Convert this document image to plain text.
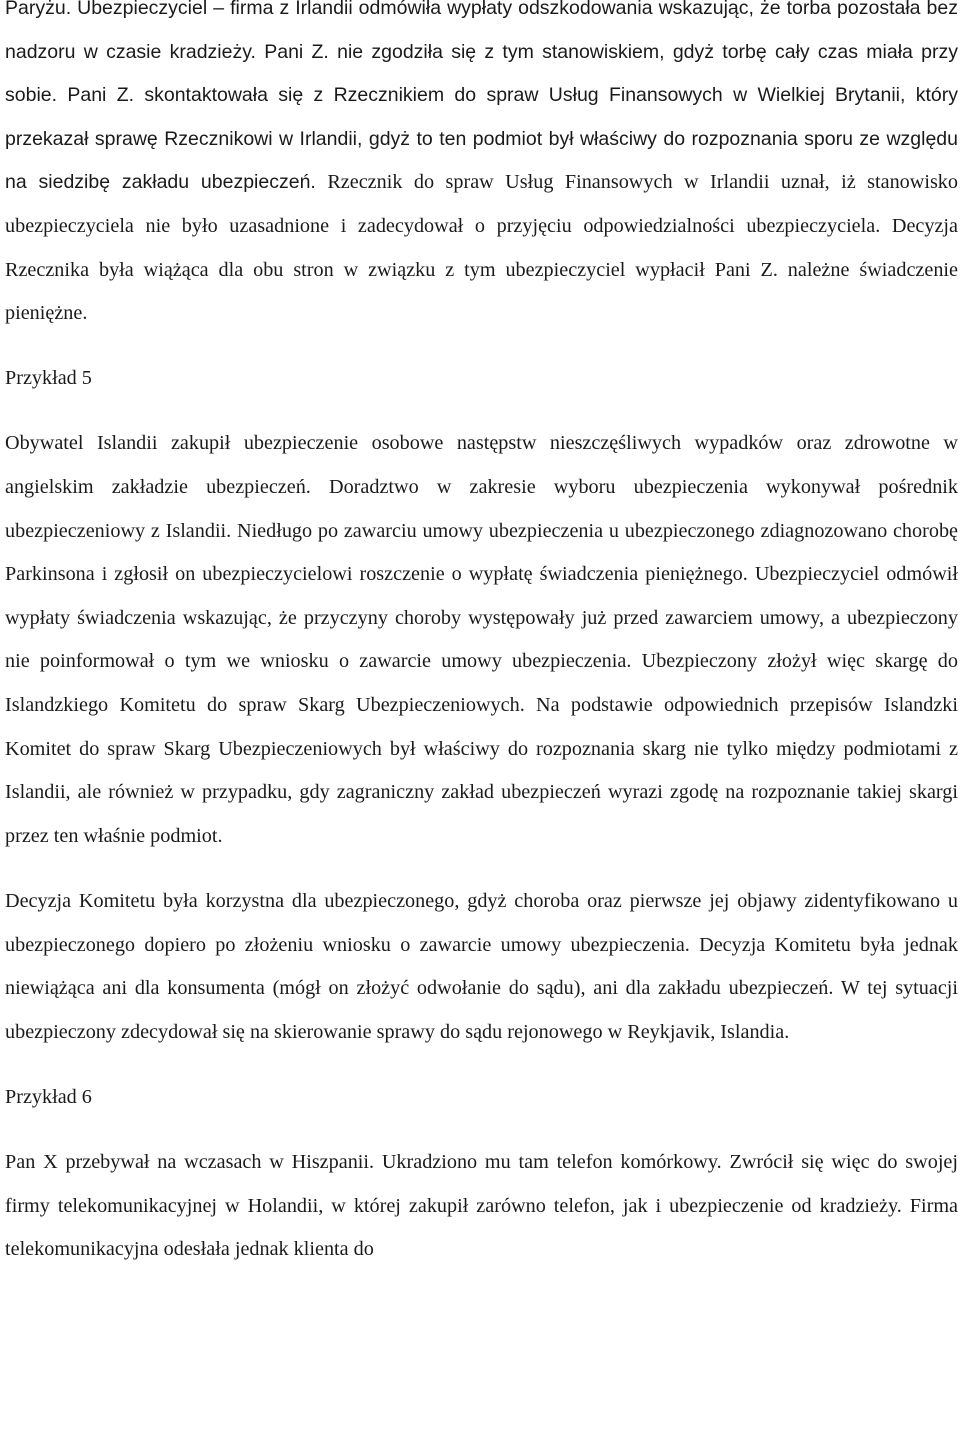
Paryżu. Ubezpieczyciel – firma z Irlandii odmówiła wypłaty odszkodowania wskazując, że torba pozostała bez nadzoru w czasie kradzieży. Pani Z. nie zgodziła się z tym stanowiskiem, gdyż torbę cały czas miała przy sobie. Pani Z. skontaktowała się z Rzecznikiem do spraw Usług Finansowych w Wielkiej Brytanii, który przekazał sprawę Rzecznikowi w Irlandii, gdyż to ten podmiot był właściwy do rozpoznania sporu ze względu na siedzibę zakładu ubezpieczeń. Rzecznik do spraw Usług Finansowych w Irlandii uznał, iż stanowisko ubezpieczyciela nie było uzasadnione i zadecydował o przyjęciu odpowiedzialności ubezpieczyciela. Decyzja Rzecznika była wiążąca dla obu stron w związku z tym ubezpieczyciel wypłacił Pani Z. należne świadczenie pieniężne.

Przykład 5

Obywatel Islandii zakupił ubezpieczenie osobowe następstw nieszczęśliwych wypadków oraz zdrowotne w angielskim zakładzie ubezpieczeń. Doradztwo w zakresie wyboru ubezpieczenia wykonywał pośrednik ubezpieczeniowy z Islandii. Niedługo po zawarciu umowy ubezpieczenia u ubezpieczonego zdiagnozowano chorobę Parkinsona i zgłosił on ubezpieczycielowi roszczenie o wypłatę świadczenia pieniężnego. Ubezpieczyciel odmówił wypłaty świadczenia wskazując, że przyczyny choroby występowały już przed zawarciem umowy, a ubezpieczony nie poinformował o tym we wniosku o zawarcie umowy ubezpieczenia. Ubezpieczony złożył więc skargę do Islandzkiego Komitetu do spraw Skarg Ubezpieczeniowych. Na podstawie odpowiednich przepisów Islandzki Komitet do spraw Skarg Ubezpieczeniowych był właściwy do rozpoznania skarg nie tylko między podmiotami z Islandii, ale również w przypadku, gdy zagraniczny zakład ubezpieczeń wyrazi zgodę na rozpoznanie takiej skargi przez ten właśnie podmiot.

Decyzja Komitetu była korzystna dla ubezpieczonego, gdyż choroba oraz pierwsze jej objawy zidentyfikowano u ubezpieczonego dopiero po złożeniu wniosku o zawarcie umowy ubezpieczenia. Decyzja Komitetu była jednak niewiążąca ani dla konsumenta (mógł on złożyć odwołanie do sądu), ani dla zakładu ubezpieczeń. W tej sytuacji ubezpieczony zdecydował się na skierowanie sprawy do sądu rejonowego w Reykjavik, Islandia.

Przykład 6

Pan X przebywał na wczasach w Hiszpanii. Ukradziono mu tam telefon komórkowy. Zwrócił się więc do swojej firmy telekomunikacyjnej w Holandii, w której zakupił zarówno telefon, jak i ubezpieczenie od kradzieży. Firma telekomunikacyjna odesłała jednak klienta do
